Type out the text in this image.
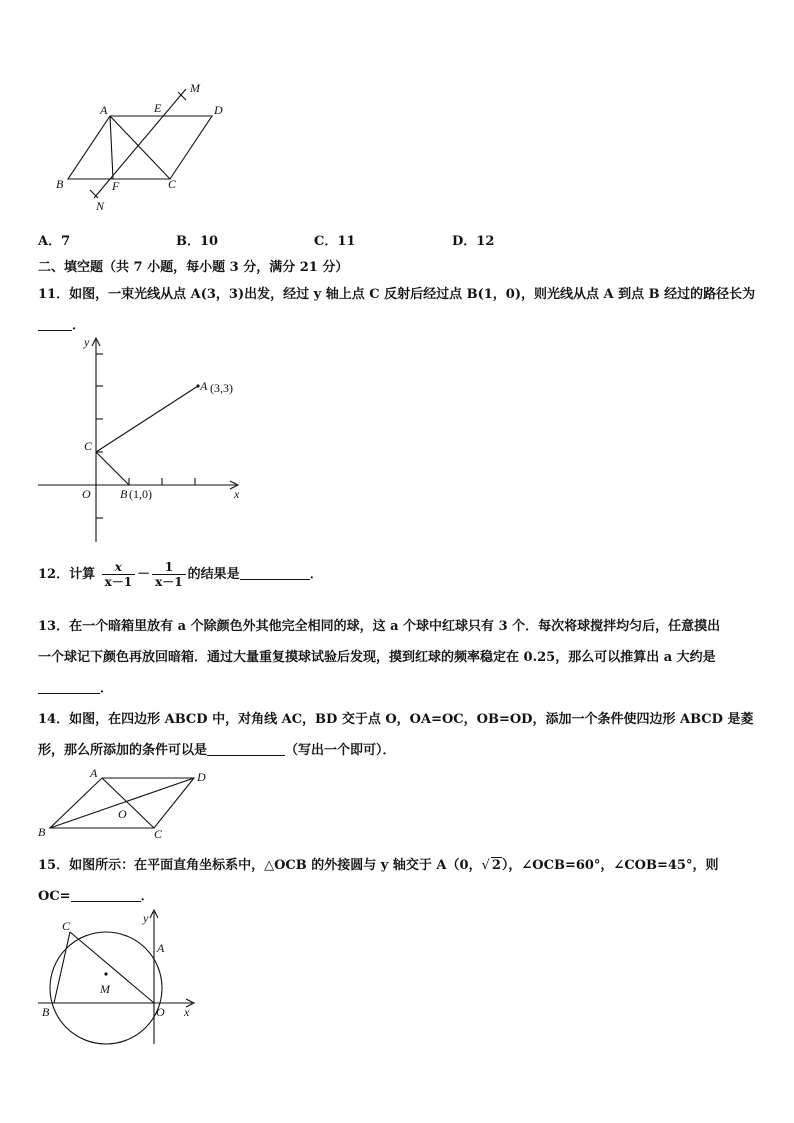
A	E	D
M
B	F	C
N
A．7	B．10	C．11	D．12
二、填空题（共 7 小题，每小题 3 分，满分 21 分）
11．如图，一束光线从点 A(3，3)出发，经过 y 轴上点 C 反射后经过点 B(1，0)，则光线从点 A 到点 B 经过的路径长为
．
y
A (3,3)
C
O B (1,0)	x
12．计算 $\frac{x}{x-1} - \frac{1}{x-1}$ 的结果是	．
13．在一个暗箱里放有 a 个除颜色外其他完全相同的球，这 a 个球中红球只有 3 个．每次将球搅拌均匀后，任意摸出
一个球记下颜色再放回暗箱．通过大量重复摸球试验后发现，摸到红球的频率稳定在 0.25，那么可以推算出 a 大约是
．
14．如图，在四边形 ABCD 中，对角线 AC，BD 交于点 O，OA=OC，OB=OD，添加一个条件使四边形 ABCD 是菱
形，那么所添加的条件可以是	（写出一个即可）．
A	D
O
B	C
15．如图所示：在平面直角坐标系中，△OCB 的外接圆与 y 轴交于 A（0，√ 2），∠OCB=60°，∠COB=45°，则
OC=	．
C
y
A
M
B	O x
